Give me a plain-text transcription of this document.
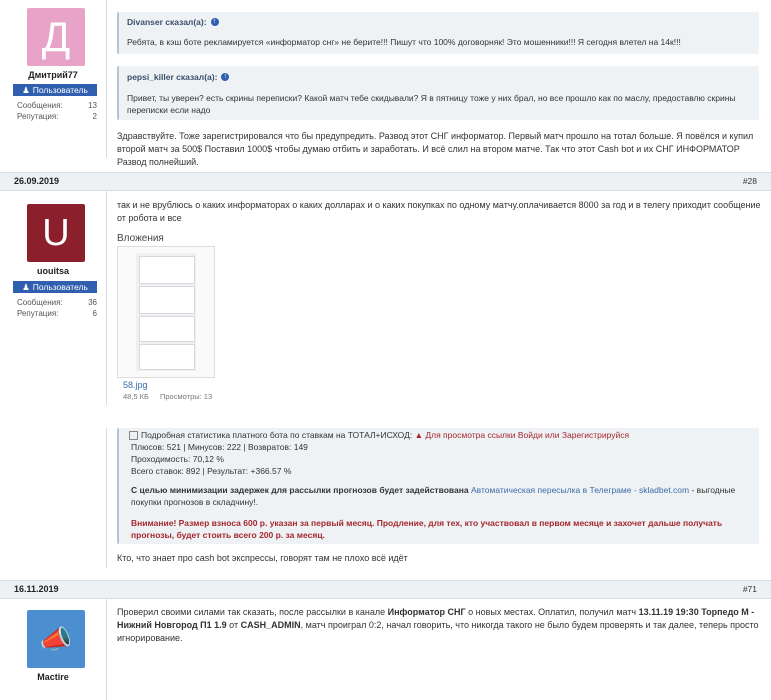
Д
Дмитрий77
♟ Пользователь
Сообщения:	13
Репутация:	2
Divanser сказал(а): ↑
Ребята, в кэш боте рекламируется «информатор снг» не берите!!! Пишут что 100% договорняк! Это мошенники!!! Я сегодня влетел на 14к!!!
pepsi_killer сказал(а): ↑
Привет, ты уверен? есть скрины переписки? Какой матч тебе скидывали? Я в пятницу тоже у них брал, но все прошло как по маслу, предоставлю скрины переписки если надо
Здравствуйте. Тоже зарегистрировался что бы предупредить. Развод этот СНГ информатор. Первый матч прошло на тотал больше. Я повёлся и купил второй матч за 500$ Поставил 1000$ чтобы думаю отбить и заработать. И всё слил на втором матче. Так что этот Cash bot и их СНГ ИНФОРМАТОР Развод полнейший.
26.09.2019	#28
U
uouitsa
♟ Пользователь
Сообщения:	36
Репутация:	6
так и не врублюсь о каких информаторах о каких долларах и о каких покупках по одному матчу.оплачивается 8000 за год и в телегу приходит сообщение от робота и все
Вложения
58.jpg
48,5 КБ Просмотры: 13
Подробная статистика платного бота по ставкам на ТОТАЛ+ИСХОД: ▲ Для просмотра ссылки Войди или Зарегистрируйся
Плюсов: 521 | Минусов: 222 | Возвратов: 149
Проходимость: 70,12 %
Всего ставок: 892 | Результат: +366.57 %
С целью минимизации задержек для рассылки прогнозов будет задействована Автоматическая пересылка в Телеграме - skladbet.com - выгодные покупки прогнозов в складчину!.
Внимание! Размер взноса 600 р. указан за первый месяц. Продление, для тех, кто участвовал в первом месяце и захочет дальше получать прогнозы, будет стоить всего 200 р. за месяц.
Кто, что знает про cash bot экспрессы, говорят там не плохо всё идёт
16.11.2019	#71
📣
Mactire
Проверил своими силами так сказать, после рассылки в канале Информатор СНГ о новых местах. Оплатил, получил матч 13.11.19 19:30 Торпедо М - Нижний Новгород П1 1.9 от CASH_ADMIN, матч проиграл 0:2, начал говорить, что никогда такого не было будем проверять и так далее, теперь просто игнорирование.
